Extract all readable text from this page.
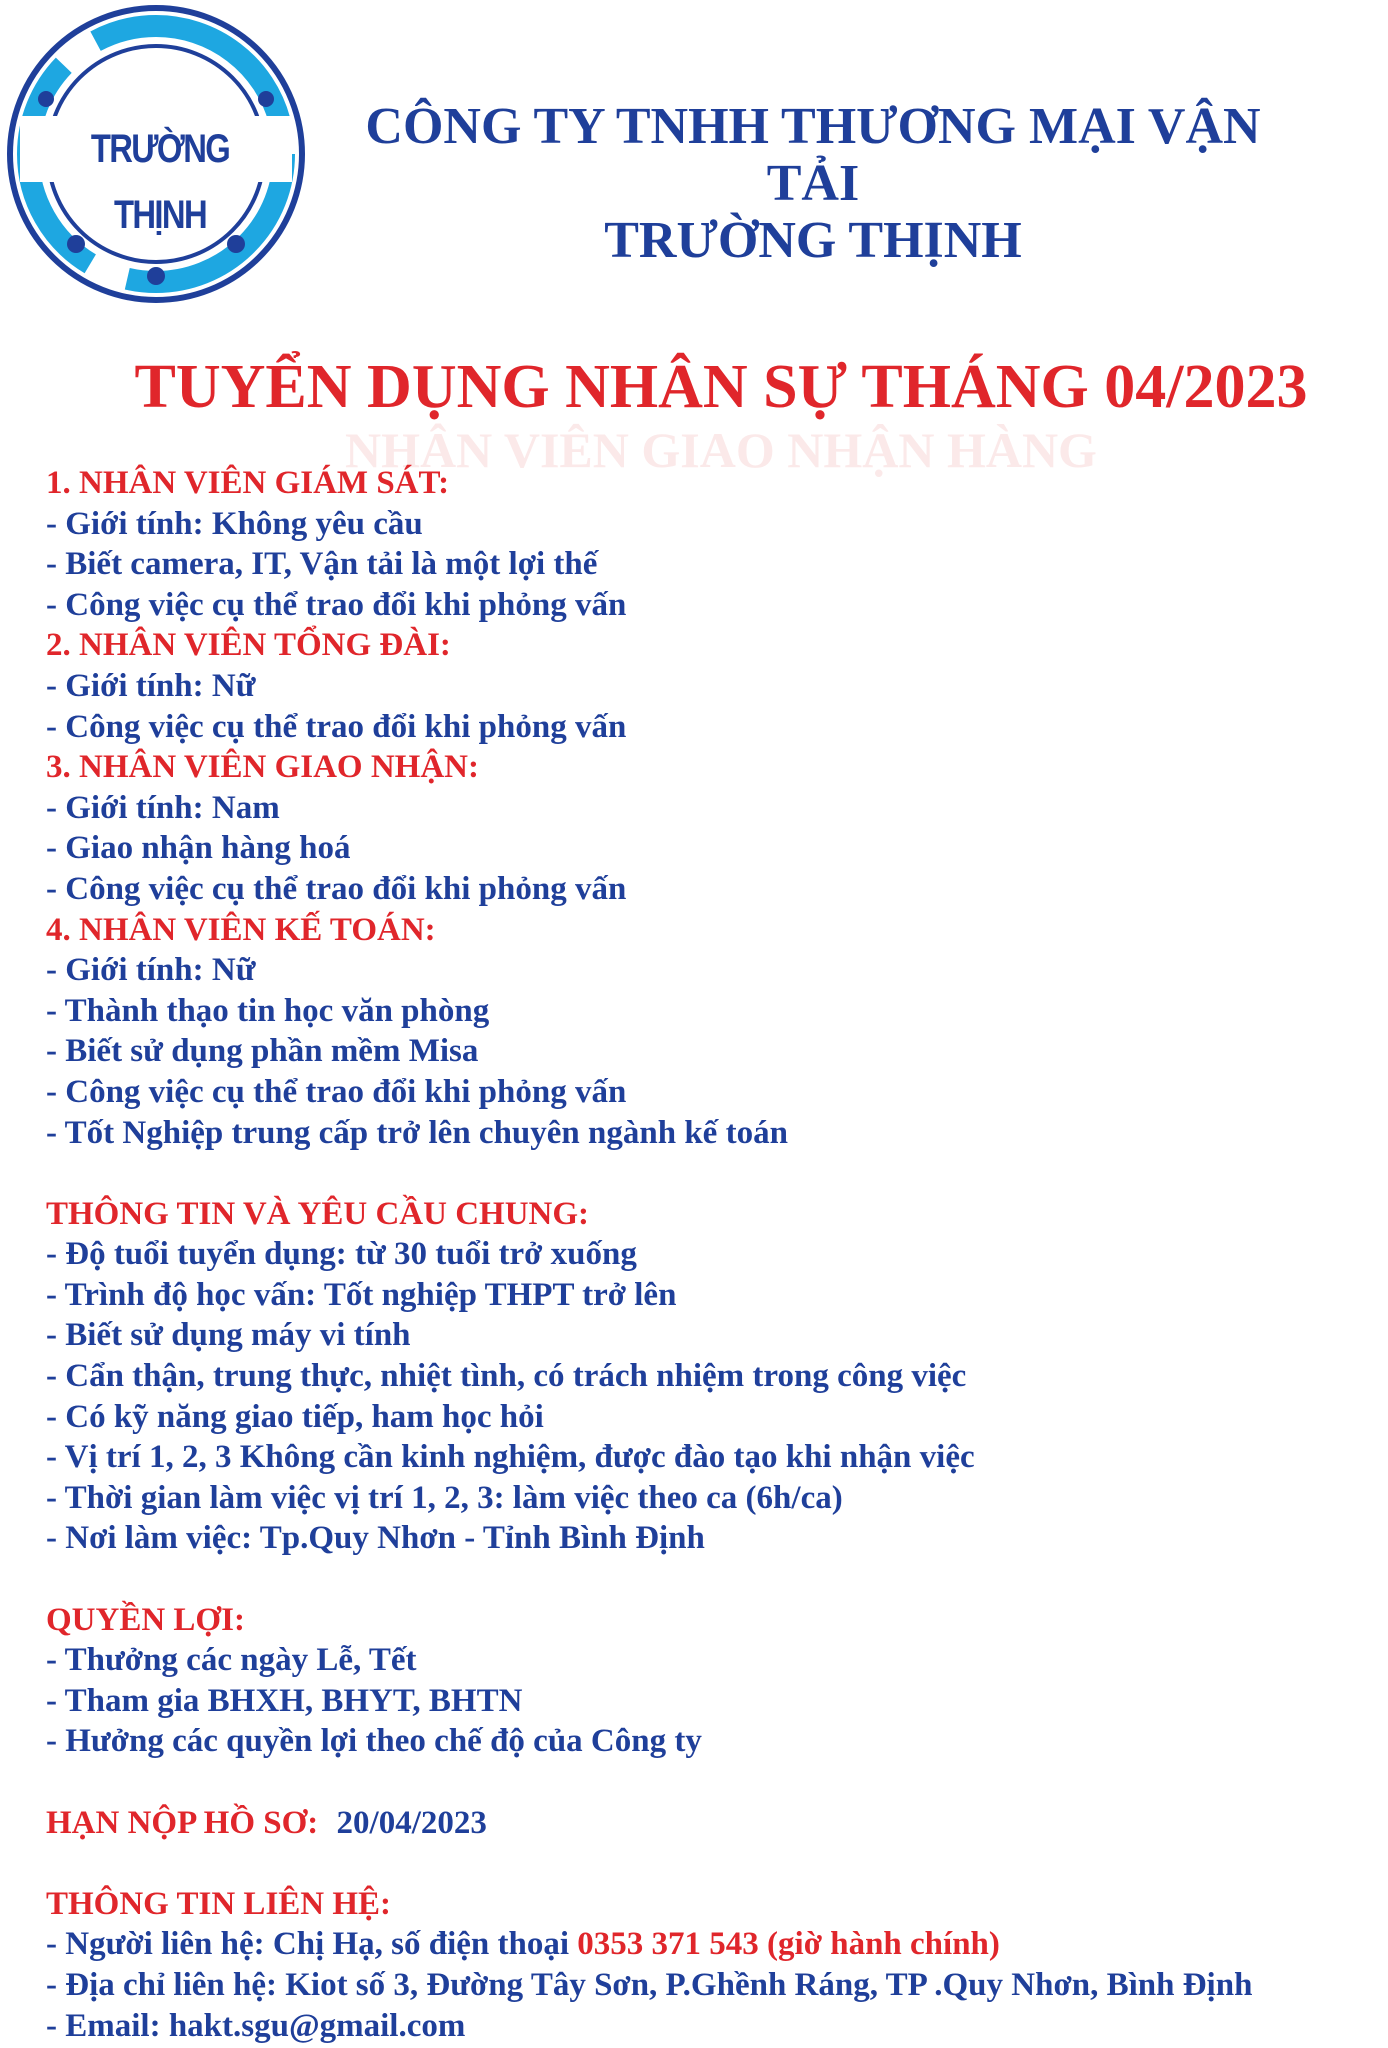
TRƯỜNG THỊNH
CÔNG TY TNHH THƯƠNG MẠI VẬN TẢI
TRƯỜNG THỊNH
NHÂN VIÊN GIAO NHẬN HÀNG
TUYỂN DỤNG NHÂN SỰ THÁNG 04/2023
1. NHÂN VIÊN GIÁM SÁT:
- Giới tính: Không yêu cầu
- Biết camera, IT, Vận tải là một lợi thế
- Công việc cụ thể trao đổi khi phỏng vấn
2. NHÂN VIÊN TỔNG ĐÀI:
- Giới tính: Nữ
- Công việc cụ thể trao đổi khi phỏng vấn
3. NHÂN VIÊN GIAO NHẬN:
- Giới tính: Nam
- Giao nhận hàng hoá
- Công việc cụ thể trao đổi khi phỏng vấn
4. NHÂN VIÊN KẾ TOÁN:
- Giới tính: Nữ
- Thành thạo tin học văn phòng
- Biết sử dụng phần mềm Misa
- Công việc cụ thể trao đổi khi phỏng vấn
- Tốt Nghiệp trung cấp trở lên chuyên ngành kế toán
THÔNG TIN VÀ YÊU CẦU CHUNG:
- Độ tuổi tuyển dụng: từ 30 tuổi trở xuống
- Trình độ học vấn: Tốt nghiệp THPT trở lên
- Biết sử dụng máy vi tính
- Cẩn thận, trung thực, nhiệt tình, có trách nhiệm trong công việc
- Có kỹ năng giao tiếp, ham học hỏi
- Vị trí 1, 2, 3 Không cần kinh nghiệm, được đào tạo khi nhận việc
- Thời gian làm việc vị trí 1, 2, 3: làm việc theo ca (6h/ca)
- Nơi làm việc: Tp.Quy Nhơn - Tỉnh Bình Định
QUYỀN LỢI:
- Thưởng các ngày Lễ, Tết
- Tham gia BHXH, BHYT, BHTN
- Hưởng các quyền lợi theo chế độ của Công ty
HẠN NỘP HỒ SƠ: 20/04/2023
THÔNG TIN LIÊN HỆ:
- Người liên hệ: Chị Hạ, số điện thoại 0353 371 543 (giờ hành chính)
- Địa chỉ liên hệ: Kiot số 3, Đường Tây Sơn, P.Ghềnh Ráng, TP .Quy Nhơn, Bình Định
- Email: hakt.sgu@gmail.com
